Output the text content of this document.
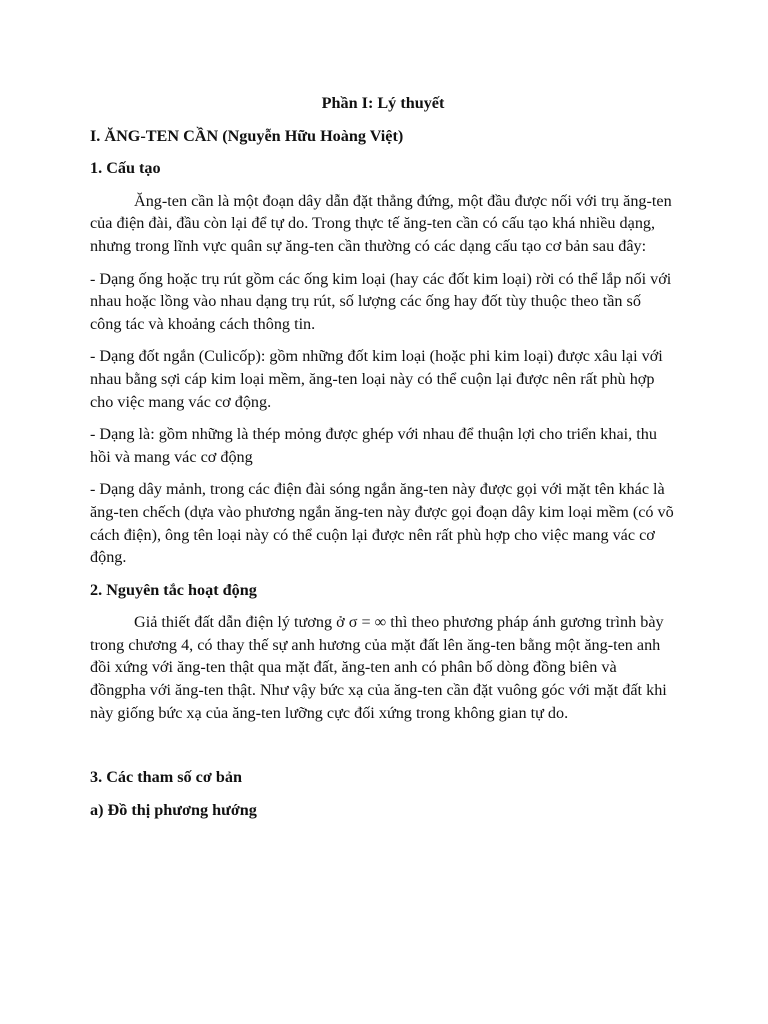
Phần I: Lý thuyết

I. ĂNG-TEN CẦN (Nguyễn Hữu Hoàng Việt)

1. Cấu tạo

Ăng-ten cần là một đoạn dây dẫn đặt thẳng đứng, một đầu được nối với trụ ăng-ten của điện đài, đầu còn lại để tự do. Trong thực tế ăng-ten cần có cấu tạo khá nhiều dạng, nhưng trong lĩnh vực quân sự ăng-ten cần thường có các dạng cấu tạo cơ bản sau đây:

- Dạng ống hoặc trụ rút gồm các ống kim loại (hay các đốt kim loại) rời có thể lắp nối với nhau hoặc lồng vào nhau dạng trụ rút, số lượng các ống hay đốt tùy thuộc theo tần số công tác và khoảng cách thông tin.

- Dạng đốt ngắn (Culicốp): gồm những đốt kim loại (hoặc phi kim loại) được xâu lại với nhau bằng sợi cáp kim loại mềm, ăng-ten loại này có thể cuộn lại được nên rất phù hợp cho việc mang vác cơ động.

- Dạng là: gồm những là thép mỏng được ghép với nhau để thuận lợi cho triển khai, thu hồi và mang vác cơ động

- Dạng dây mảnh, trong các điện đài sóng ngắn ăng-ten này được gọi với mặt tên khác là ăng-ten chếch (dựa vào phương ngắn ăng-ten này được gọi đoạn dây kim loại mềm (có võ cách điện), ông tên loại này có thể cuộn lại được nên rất phù hợp cho việc mang vác cơ động.

2. Nguyên tắc hoạt động

Giả thiết đất dẫn điện lý tương ở σ = ∞ thì theo phương pháp ánh gương trình bày trong chương 4, có thay thế sự anh hương của mặt đất lên ăng-ten bằng một ăng-ten anh đồi xứng với ăng-ten thật qua mặt đất, ăng-ten anh có phân bố dòng đồng biên và đồngpha với ăng-ten thật. Như vậy bức xạ của ăng-ten cần đặt vuông góc với mặt đất khi này giống bức xạ của ăng-ten lưỡng cực đối xứng trong không gian tự do.

3. Các tham số cơ bản

a) Đồ thị phương hướng
